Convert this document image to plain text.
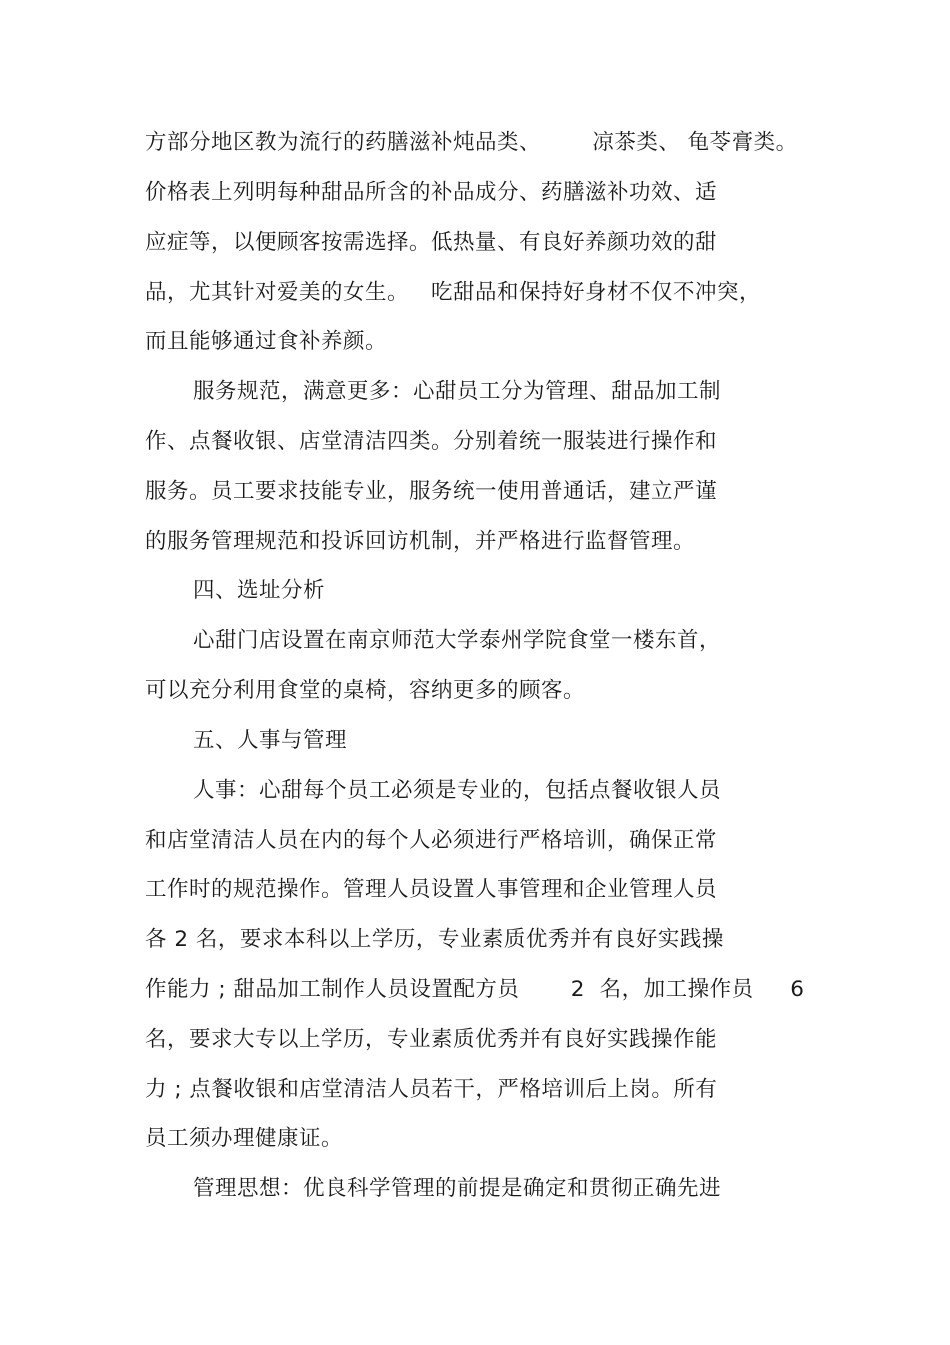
方部分地区教为流行的药膳滋补炖品类、       凉茶类、 龟苓膏类。
价格表上列明每种甜品所含的补品成分、药膳滋补功效、适
应症等，以便顾客按需选择。低热量、有良好养颜功效的甜
品，尤其针对爱美的女生。   吃甜品和保持好身材不仅不冲突，
而且能够通过食补养颜。
服务规范，满意更多：心甜员工分为管理、甜品加工制
作、点餐收银、店堂清洁四类。分别着统一服装进行操作和
服务。员工要求技能专业，服务统一使用普通话，建立严谨
的服务管理规范和投诉回访机制，并严格进行监督管理。
四、选址分析
心甜门店设置在南京师范大学泰州学院食堂一楼东首，
可以充分利用食堂的桌椅，容纳更多的顾客。
五、人事与管理
人事：心甜每个员工必须是专业的，包括点餐收银人员
和店堂清洁人员在内的每个人必须进行严格培训，确保正常
工作时的规范操作。管理人员设置人事管理和企业管理人员
各 2 名，要求本科以上学历，专业素质优秀并有良好实践操
作能力 ; 甜品加工制作人员设置配方员       2  名，加工操作员     6
名，要求大专以上学历，专业素质优秀并有良好实践操作能
力 ; 点餐收银和店堂清洁人员若干，严格培训后上岗。所有
员工须办理健康证。
管理思想：优良科学管理的前提是确定和贯彻正确先进
